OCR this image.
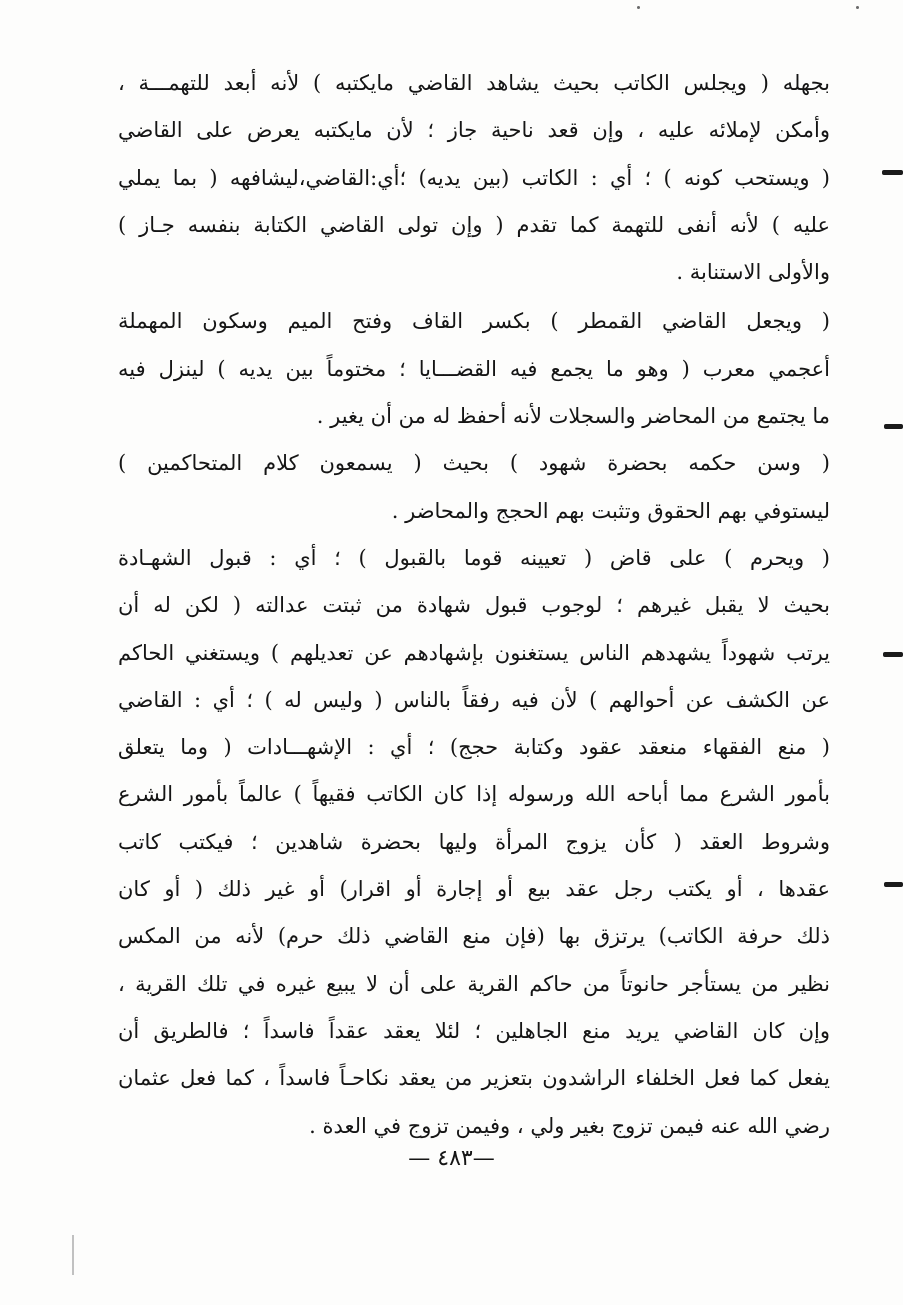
بجهله ( ويجلس الكاتب بحيث يشاهد القاضي مايكتبه ) لأنه أبعد للتهمـــة ،
وأمكن لإملائه عليه ، وإن قعد ناحية جاز ؛ لأن مايكتبه يعرض على القاضي
( ويستحب كونه ) ؛ أي : الكاتب (بين يديه) ؛أي:القاضي،ليشافهه ( بما يملي
عليه ) لأنه أنفى للتهمة كما تقدم ( وإن تولى القاضي الكتابة بنفسه جـاز )
والأولى الاستنابة .
( ويجعل القاضي القمطر ) بكسر القاف وفتح الميم وسكون المهملة
أعجمي معرب ( وهو ما يجمع فيه القضـــايا ؛ مختوماً بين يديه ) لينزل فيه
ما يجتمع من المحاضر والسجلات لأنه أحفظ له من أن يغير .
( وسن حكمه بحضرة شهود ) بحيث ( يسمعون كلام المتحاكمين )
ليستوفي بهم الحقوق وتثبت بهم الحجج والمحاضر .
( ويحرم ) على قاض ( تعيينه قوما بالقبول ) ؛ أي : قبول الشهـادة
بحيث لا يقبل غيرهم ؛ لوجوب قبول شهادة من ثبتت عدالته ( لكن له أن
يرتب شهوداً يشهدهم الناس يستغنون بإشهادهم عن تعديلهم ) ويستغني الحاكم
عن الكشف عن أحوالهم ) لأن فيه رفقاً بالناس ( وليس له ) ؛ أي : القاضي
( منع الفقهاء منعقد عقود وكتابة حجج) ؛ أي : الإشهـــادات ( وما يتعلق
بأمور الشرع مما أباحه الله ورسوله إذا كان الكاتب فقيهاً ) عالماً بأمور الشرع
وشروط العقد ( كأن يزوج المرأة وليها بحضرة شاهدين ؛ فيكتب كاتب
عقدها ، أو يكتب رجل عقد بيع أو إجارة أو اقرار) أو غير ذلك ( أو كان
ذلك حرفة الكاتب) يرتزق بها (فإن منع القاضي ذلك حرم) لأنه من المكس
نظير من يستأجر حانوتاً من حاكم القرية على أن لا يبيع غيره في تلك القرية ،
وإن كان القاضي يريد منع الجاهلين ؛ لئلا يعقد عقداً فاسداً ؛ فالطريق أن
يفعل كما فعل الخلفاء الراشدون بتعزير من يعقد نكاحـاً فاسداً ، كما فعل عثمان
رضي الله عنه فيمن تزوج بغير ولي ، وفيمن تزوج في العدة .
—٤٨٣ —
